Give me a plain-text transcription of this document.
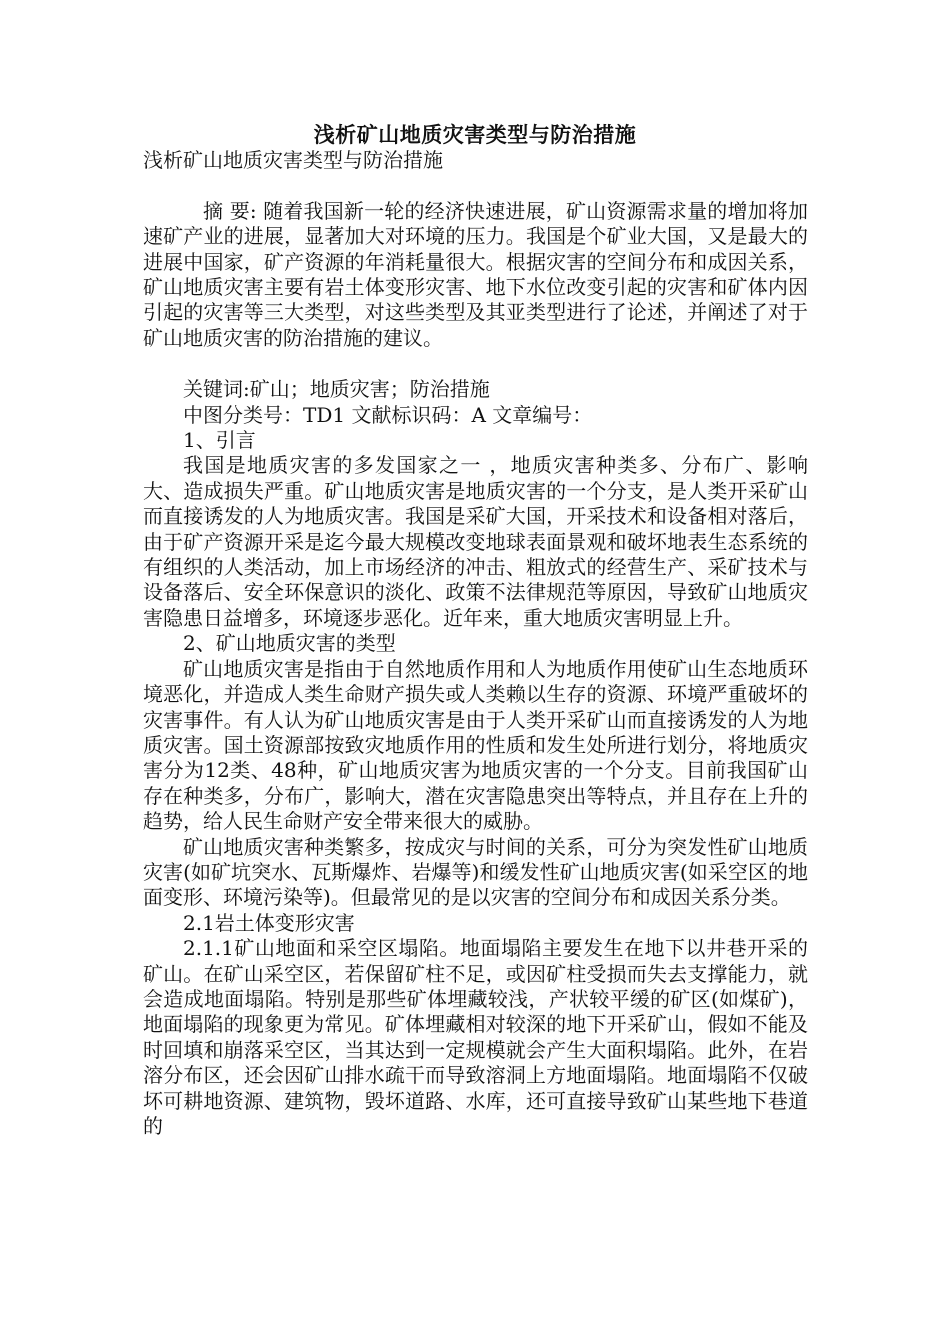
浅析矿山地质灾害类型与防治措施

浅析矿山地质灾害类型与防治措施

摘 要: 随着我国新一轮的经济快速进展，矿山资源需求量的增加将加速矿产业的进展，显著加大对环境的压力。我国是个矿业大国，又是最大的进展中国家，矿产资源的年消耗量很大。根据灾害的空间分布和成因关系，矿山地质灾害主要有岩土体变形灾害、地下水位改变引起的灾害和矿体内因引起的灾害等三大类型，对这些类型及其亚类型进行了论述，并阐述了对于矿山地质灾害的防治措施的建议。

关键词:矿山；地质灾害；防治措施

中图分类号：TD1 文献标识码：A 文章编号：

1、引言

我国是地质灾害的多发国家之一 ，地质灾害种类多、分布广、影响大、造成损失严重。矿山地质灾害是地质灾害的一个分支，是人类开采矿山而直接诱发的人为地质灾害。我国是采矿大国，开采技术和设备相对落后，由于矿产资源开采是迄今最大规模改变地球表面景观和破坏地表生态系统的有组织的人类活动，加上市场经济的冲击、粗放式的经营生产、采矿技术与设备落后、安全环保意识的淡化、政策不法律规范等原因，导致矿山地质灾害隐患日益增多，环境逐步恶化。近年来，重大地质灾害明显上升。

2、矿山地质灾害的类型

矿山地质灾害是指由于自然地质作用和人为地质作用使矿山生态地质环境恶化，并造成人类生命财产损失或人类赖以生存的资源、环境严重破坏的灾害事件。有人认为矿山地质灾害是由于人类开采矿山而直接诱发的人为地质灾害。国土资源部按致灾地质作用的性质和发生处所进行划分，将地质灾害分为12类、48种，矿山地质灾害为地质灾害的一个分支。目前我国矿山存在种类多，分布广，影响大，潜在灾害隐患突出等特点，并且存在上升的趋势，给人民生命财产安全带来很大的威胁。

矿山地质灾害种类繁多，按成灾与时间的关系，可分为突发性矿山地质灾害(如矿坑突水、瓦斯爆炸、岩爆等)和缓发性矿山地质灾害(如采空区的地面变形、环境污染等)。但最常见的是以灾害的空间分布和成因关系分类。

2.1岩土体变形灾害

2.1.1矿山地面和采空区塌陷。地面塌陷主要发生在地下以井巷开采的矿山。在矿山采空区，若保留矿柱不足，或因矿柱受损而失去支撑能力，就会造成地面塌陷。特别是那些矿体埋藏较浅，产状较平缓的矿区(如煤矿)，地面塌陷的现象更为常见。矿体埋藏相对较深的地下开采矿山，假如不能及时回填和崩落采空区，当其达到一定规模就会产生大面积塌陷。此外，在岩溶分布区，还会因矿山排水疏干而导致溶洞上方地面塌陷。地面塌陷不仅破坏可耕地资源、建筑物，毁坏道路、水库，还可直接导致矿山某些地下巷道的
